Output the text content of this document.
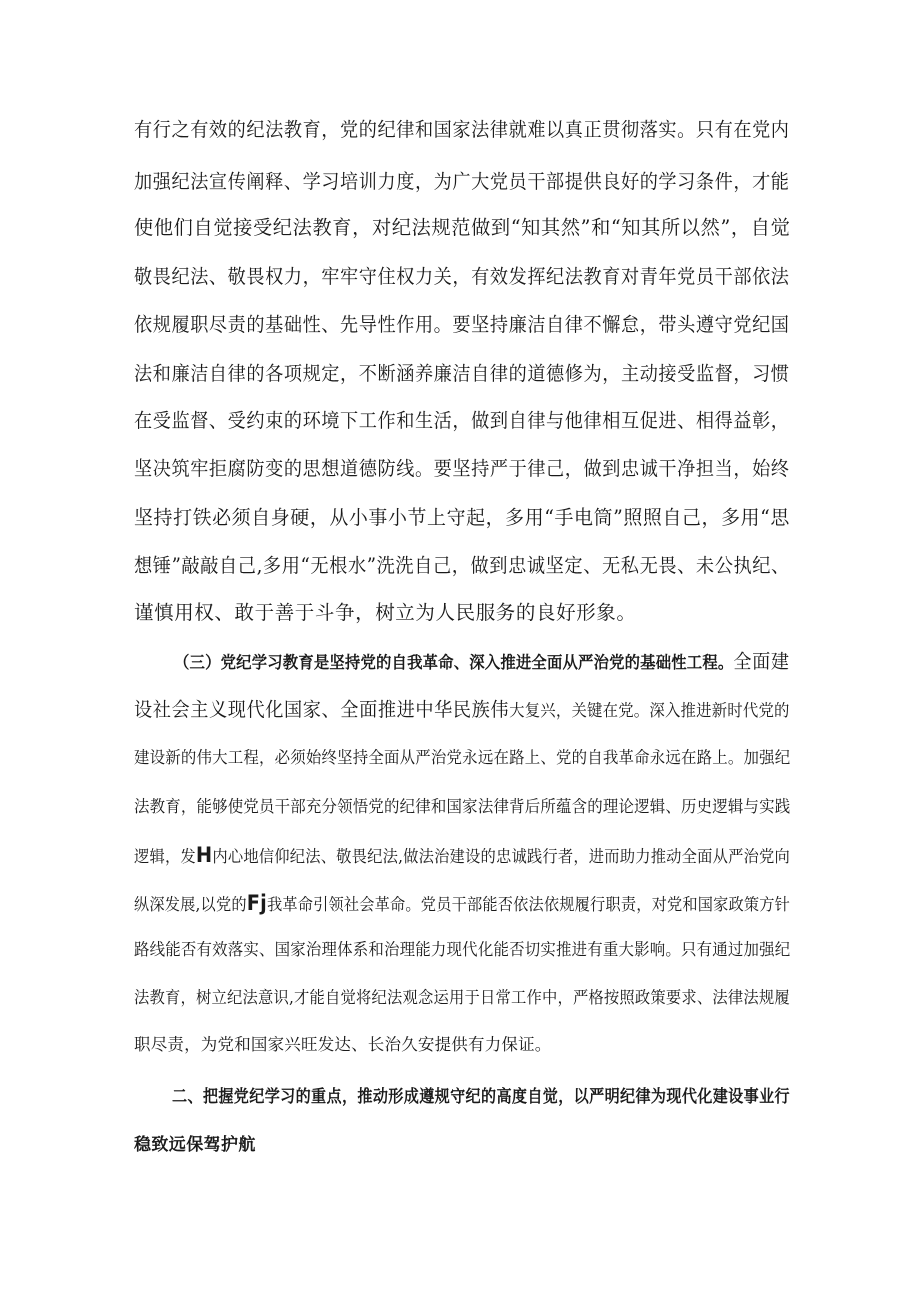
有行之有效的纪法教育，党的纪律和国家法律就难以真正贯彻落实。只有在党内

加强纪法宣传阐释、学习培训力度，为广大党员干部提供良好的学习条件，才能

使他们自觉接受纪法教育，对纪法规范做到“知其然”和“知其所以然”，自觉

敬畏纪法、敬畏权力，牢牢守住权力关，有效发挥纪法教育对青年党员干部依法

依规履职尽责的基础性、先导性作用。要坚持廉洁自律不懈怠，带头遵守党纪国

法和廉洁自律的各项规定，不断涵养廉洁自律的道德修为，主动接受监督，习惯

在受监督、受约束的环境下工作和生活，做到自律与他律相互促进、相得益彰，

坚决筑牢拒腐防变的思想道德防线。要坚持严于律己，做到忠诚干净担当，始终

坚持打铁必须自身硬，从小事小节上守起，多用“手电筒”照照自己，多用“思

想锤”敲敲自己,多用“无根水”洗洗自己，做到忠诚坚定、无私无畏、未公执纪、

谨慎用权、敢于善于斗争，树立为人民服务的良好形象。

（三）党纪学习教育是坚持党的自我革命、深入推进全面从严治党的基础性工程。全面建

设社会主义现代化国家、全面推进中华民族伟大复兴，关键在党。深入推进新时代党的

建设新的伟大工程，必须始终坚持全面从严治党永远在路上、党的自我革命永远在路上。加强纪

法教育，能够使党员干部充分领悟党的纪律和国家法律背后所蕴含的理论逻辑、历史逻辑与实践

逻辑，发H内心地信仰纪法、敬畏纪法,做法治建设的忠诚践行者，进而助力推动全面从严治党向

纵深发展,以党的Fj我革命引领社会革命。党员干部能否依法依规履行职责，对党和国家政策方针

路线能否有效落实、国家治理体系和治理能力现代化能否切实推进有重大影响。只有通过加强纪

法教育，树立纪法意识,才能自觉将纪法观念运用于日常工作中，严格按照政策要求、法律法规履

职尽责，为党和国家兴旺发达、长治久安提供有力保证。

二、把握党纪学习的重点，推动形成遵规守纪的高度自觉，以严明纪律为现代化建设事业行

稳致远保驾护航
